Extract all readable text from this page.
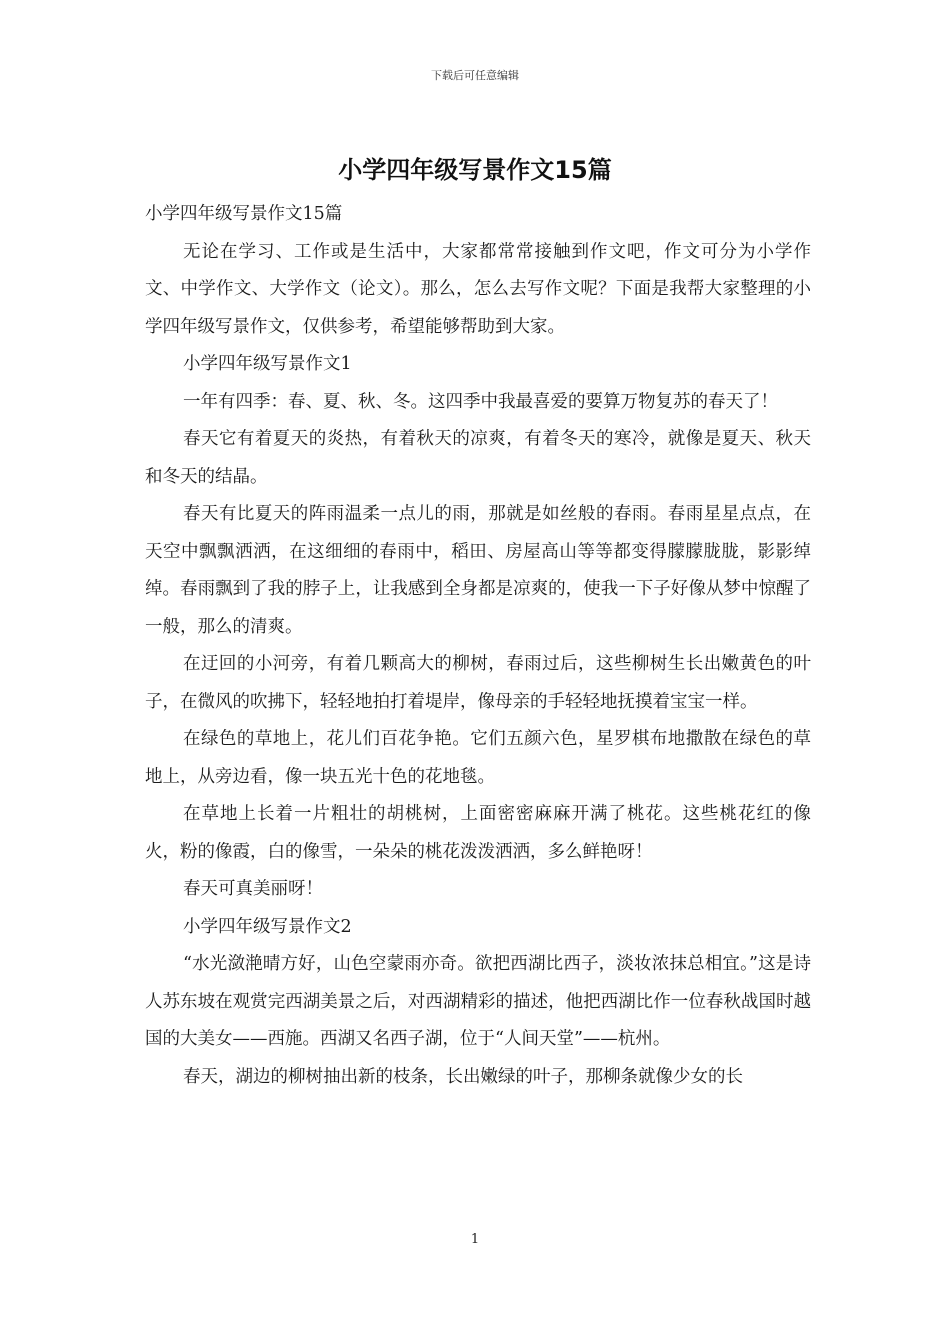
下载后可任意编辑
小学四年级写景作文15篇

小学四年级写景作文15篇

无论在学习、工作或是生活中，大家都常常接触到作文吧，作文可分为小学作文、中学作文、大学作文（论文）。那么，怎么去写作文呢？下面是我帮大家整理的小学四年级写景作文，仅供参考，希望能够帮助到大家。

小学四年级写景作文1

一年有四季：春、夏、秋、冬。这四季中我最喜爱的要算万物复苏的春天了！

春天它有着夏天的炎热，有着秋天的凉爽，有着冬天的寒冷，就像是夏天、秋天和冬天的结晶。

春天有比夏天的阵雨温柔一点儿的雨，那就是如丝般的春雨。春雨星星点点，在天空中飘飘洒洒，在这细细的春雨中，稻田、房屋高山等等都变得朦朦胧胧，影影绰绰。春雨飘到了我的脖子上，让我感到全身都是凉爽的，使我一下子好像从梦中惊醒了一般，那么的清爽。

在迂回的小河旁，有着几颗高大的柳树，春雨过后，这些柳树生长出嫩黄色的叶子，在微风的吹拂下，轻轻地拍打着堤岸，像母亲的手轻轻地抚摸着宝宝一样。

在绿色的草地上，花儿们百花争艳。它们五颜六色，星罗棋布地撒散在绿色的草地上，从旁边看，像一块五光十色的花地毯。

在草地上长着一片粗壮的胡桃树，上面密密麻麻开满了桃花。这些桃花红的像火，粉的像霞，白的像雪，一朵朵的桃花泼泼洒洒，多么鲜艳呀！

春天可真美丽呀！

小学四年级写景作文2

“水光潋滟晴方好，山色空蒙雨亦奇。欲把西湖比西子，淡妆浓抹总相宜。”这是诗人苏东坡在观赏完西湖美景之后，对西湖精彩的描述，他把西湖比作一位春秋战国时越国的大美女——西施。西湖又名西子湖，位于“人间天堂”——杭州。

春天，湖边的柳树抽出新的枝条，长出嫩绿的叶子，那柳条就像少女的长

1
